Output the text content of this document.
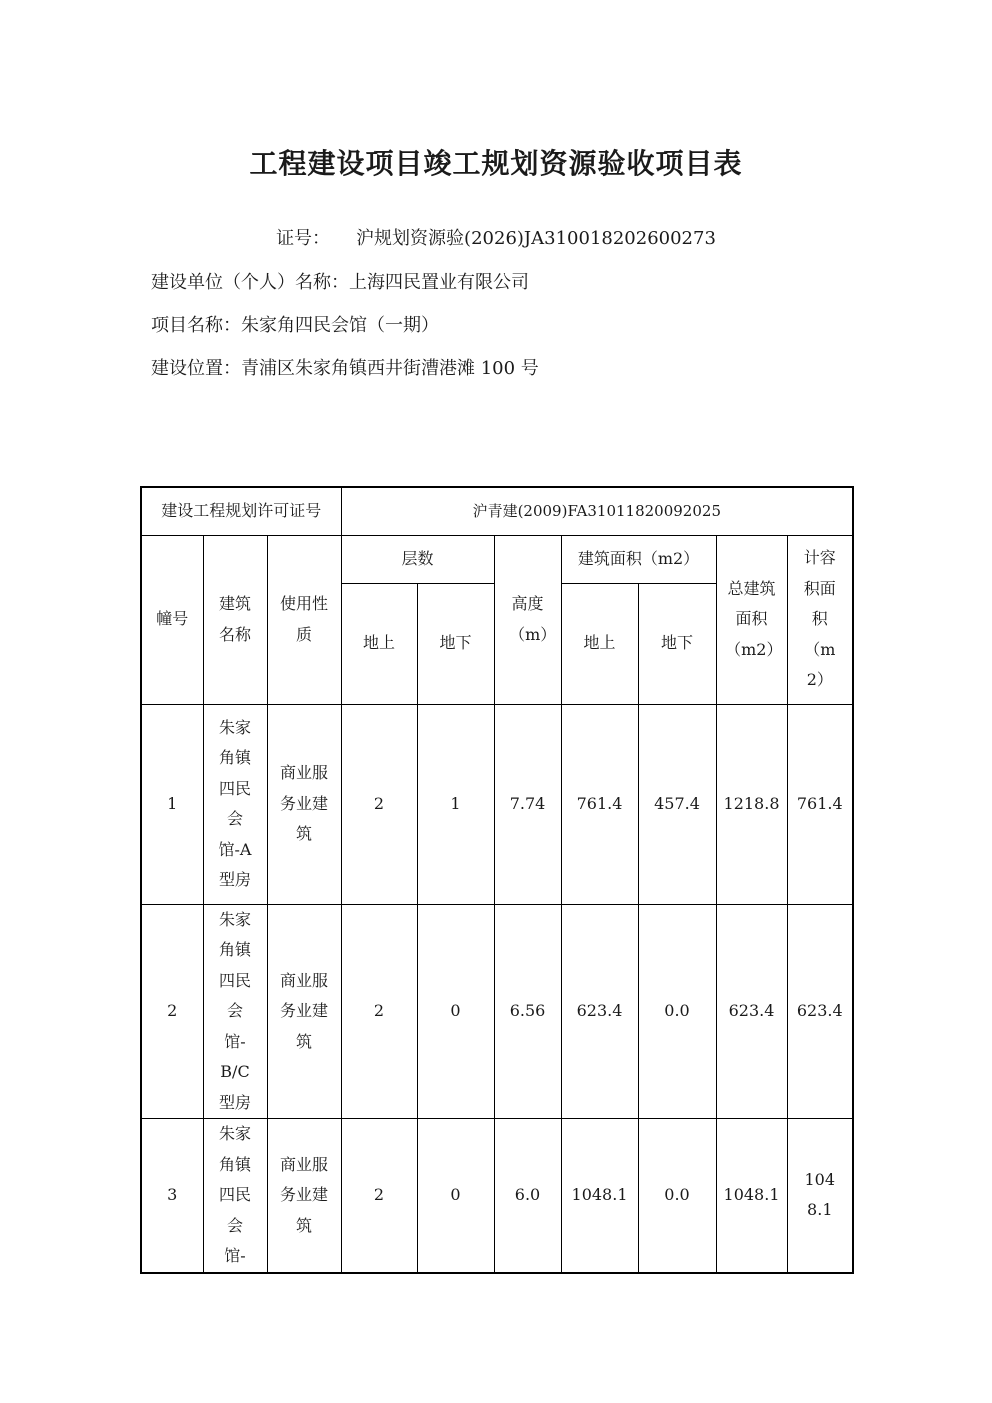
工程建设项目竣工规划资源验收项目表
证号： 沪规划资源验(2026)JA310018202600273
建设单位（个人）名称：上海四民置业有限公司
项目名称：朱家角四民会馆（一期）
建设位置：青浦区朱家角镇西井街漕港滩 100 号
建设工程规划许可证号			沪青建(2009)FA31011820092025						

幢号	建筑名称	使用性质	层数		高度（m）	建筑面积（m2）		总建筑面积（m2）	计容积面积（m2）

			地上	地下		地上	地下		
1	朱家角镇四民会馆-A 型房	商业服务业建筑	2	1	7.74	761.4	457.4	1218.8	761.4
2	朱家角镇四民会馆-B/C 型房	商业服务业建筑	2	0	6.56	623.4	0.0	623.4	623.4
3	朱家角镇四民会馆-	商业服务业建筑	2	0	6.0	1048.1	0.0	1048.1	1048.1
